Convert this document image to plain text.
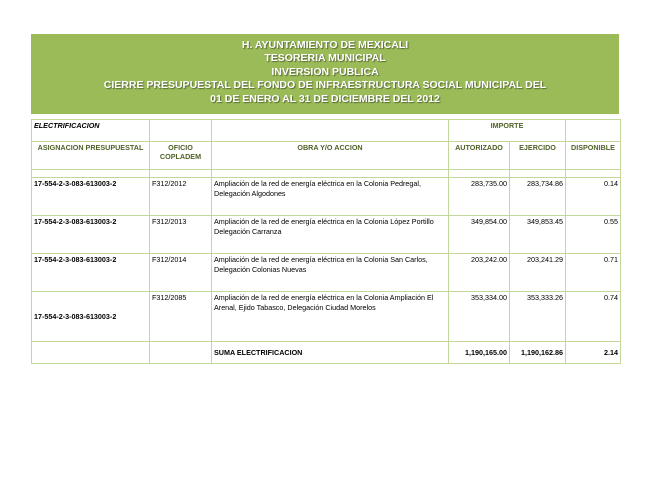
H. AYUNTAMIENTO DE MEXICALI
TESORERIA MUNICIPAL
INVERSION PUBLICA
CIERRE PRESUPUESTAL DEL FONDO DE INFRAESTRUCTURA SOCIAL MUNICIPAL DEL
01 DE ENERO AL 31 DE DICIEMBRE DEL 2012
ELECTRIFICACION			IMPORTE		
ASIGNACION PRESUPUESTAL	OFICIO COPLADEM	OBRA Y/O ACCION	AUTORIZADO	EJERCIDO	DISPONIBLE

17-554-2-3-083-613003-2	F312/2012	Ampliación de la red de energía eléctrica en la Colonia Pedregal, Delegación Algodones	283,735.00	283,734.86	0.14
17-554-2-3-083-613003-2	F312/2013	Ampliación de la red de energía eléctrica en la Colonia López Portillo Delegación Carranza	349,854.00	349,853.45	0.55
17-554-2-3-083-613003-2	F312/2014	Ampliación de la red de energía eléctrica en la Colonia San Carlos, Delegación Colonias Nuevas	203,242.00	203,241.29	0.71
17-554-2-3-083-613003-2	F312/2085	Ampliación de la red de energía eléctrica en la Colonia Ampliación El Arenal, Ejido Tabasco, Delegación Ciudad Morelos	353,334.00	353,333.26	0.74
		SUMA ELECTRIFICACION	1,190,165.00	1,190,162.86	2.14
